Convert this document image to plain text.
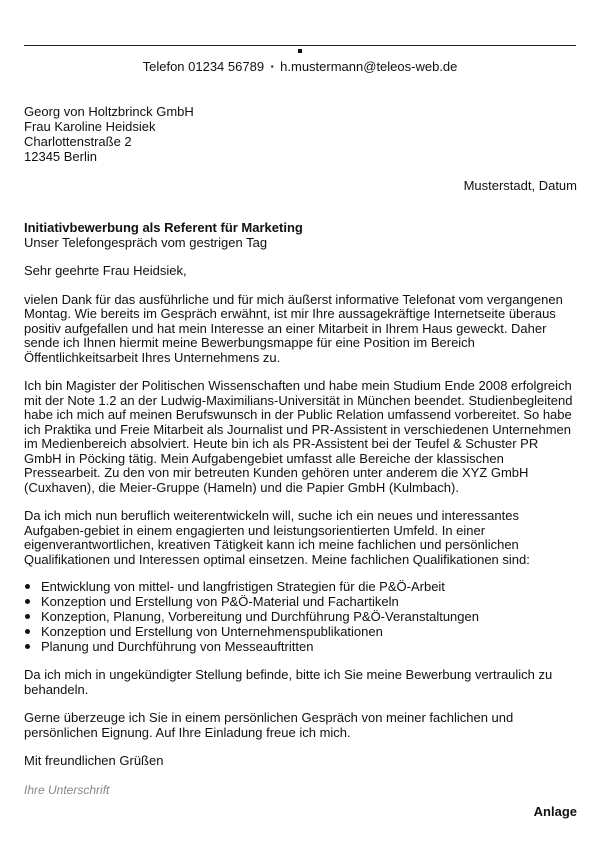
Telefon 01234 56789 ▪ h.mustermann@teleos-web.de
Georg von Holtzbrinck GmbH
Frau Karoline Heidsiek
Charlottenstraße 2
12345 Berlin
Musterstadt, Datum
Initiativbewerbung als Referent für Marketing
Unser Telefongespräch vom gestrigen Tag
Sehr geehrte Frau Heidsiek,

vielen Dank für das ausführliche und für mich äußerst informative Telefonat vom vergangenen Montag. Wie bereits im Gespräch erwähnt, ist mir Ihre aussagekräftige Internetseite überaus positiv aufgefallen und hat mein Interesse an einer Mitarbeit in Ihrem Haus geweckt. Daher sende ich Ihnen hiermit meine Bewerbungsmappe für eine Position im Bereich Öffentlichkeitsarbeit Ihres Unternehmens zu.

Ich bin Magister der Politischen Wissenschaften und habe mein Studium Ende 2008 erfolgreich mit der Note 1.2 an der Ludwig-Maximilians-Universität in München beendet. Studienbegleitend habe ich mich auf meinen Berufswunsch in der Public Relation umfassend vorbereitet. So habe ich Praktika und Freie Mitarbeit als Journalist und PR-Assistent in verschiedenen Unternehmen im Medienbereich absolviert. Heute bin ich als PR-Assistent bei der Teufel & Schuster PR GmbH in Pöcking tätig. Mein Aufgabengebiet umfasst alle Bereiche der klassischen Pressearbeit. Zu den von mir betreuten Kunden gehören unter anderem die XYZ GmbH (Cuxhaven), die Meier-Gruppe (Hameln) und die Papier GmbH (Kulmbach).

Da ich mich nun beruflich weiterentwickeln will, suche ich ein neues und interessantes Aufgaben-gebiet in einem engagierten und leistungsorientierten Umfeld. In einer eigenverantwortlichen, kreativen Tätigkeit kann ich meine fachlichen und persönlichen Qualifikationen und Interessen optimal einsetzen. Meine fachlichen Qualifikationen sind:

Entwicklung von mittel- und langfristigen Strategien für die P&Ö-Arbeit
Konzeption und Erstellung von P&Ö-Material und Fachartikeln
Konzeption, Planung, Vorbereitung und Durchführung P&Ö-Veranstaltungen
Konzeption und Erstellung von Unternehmenspublikationen
Planung und Durchführung von Messeauftritten

Da ich mich in ungekündigter Stellung befinde, bitte ich Sie meine Bewerbung vertraulich zu behandeln.

Gerne überzeuge ich Sie in einem persönlichen Gespräch von meiner fachlichen und persönlichen Eignung. Auf Ihre Einladung freue ich mich.

Mit freundlichen Grüßen
Ihre Unterschrift
Anlage
